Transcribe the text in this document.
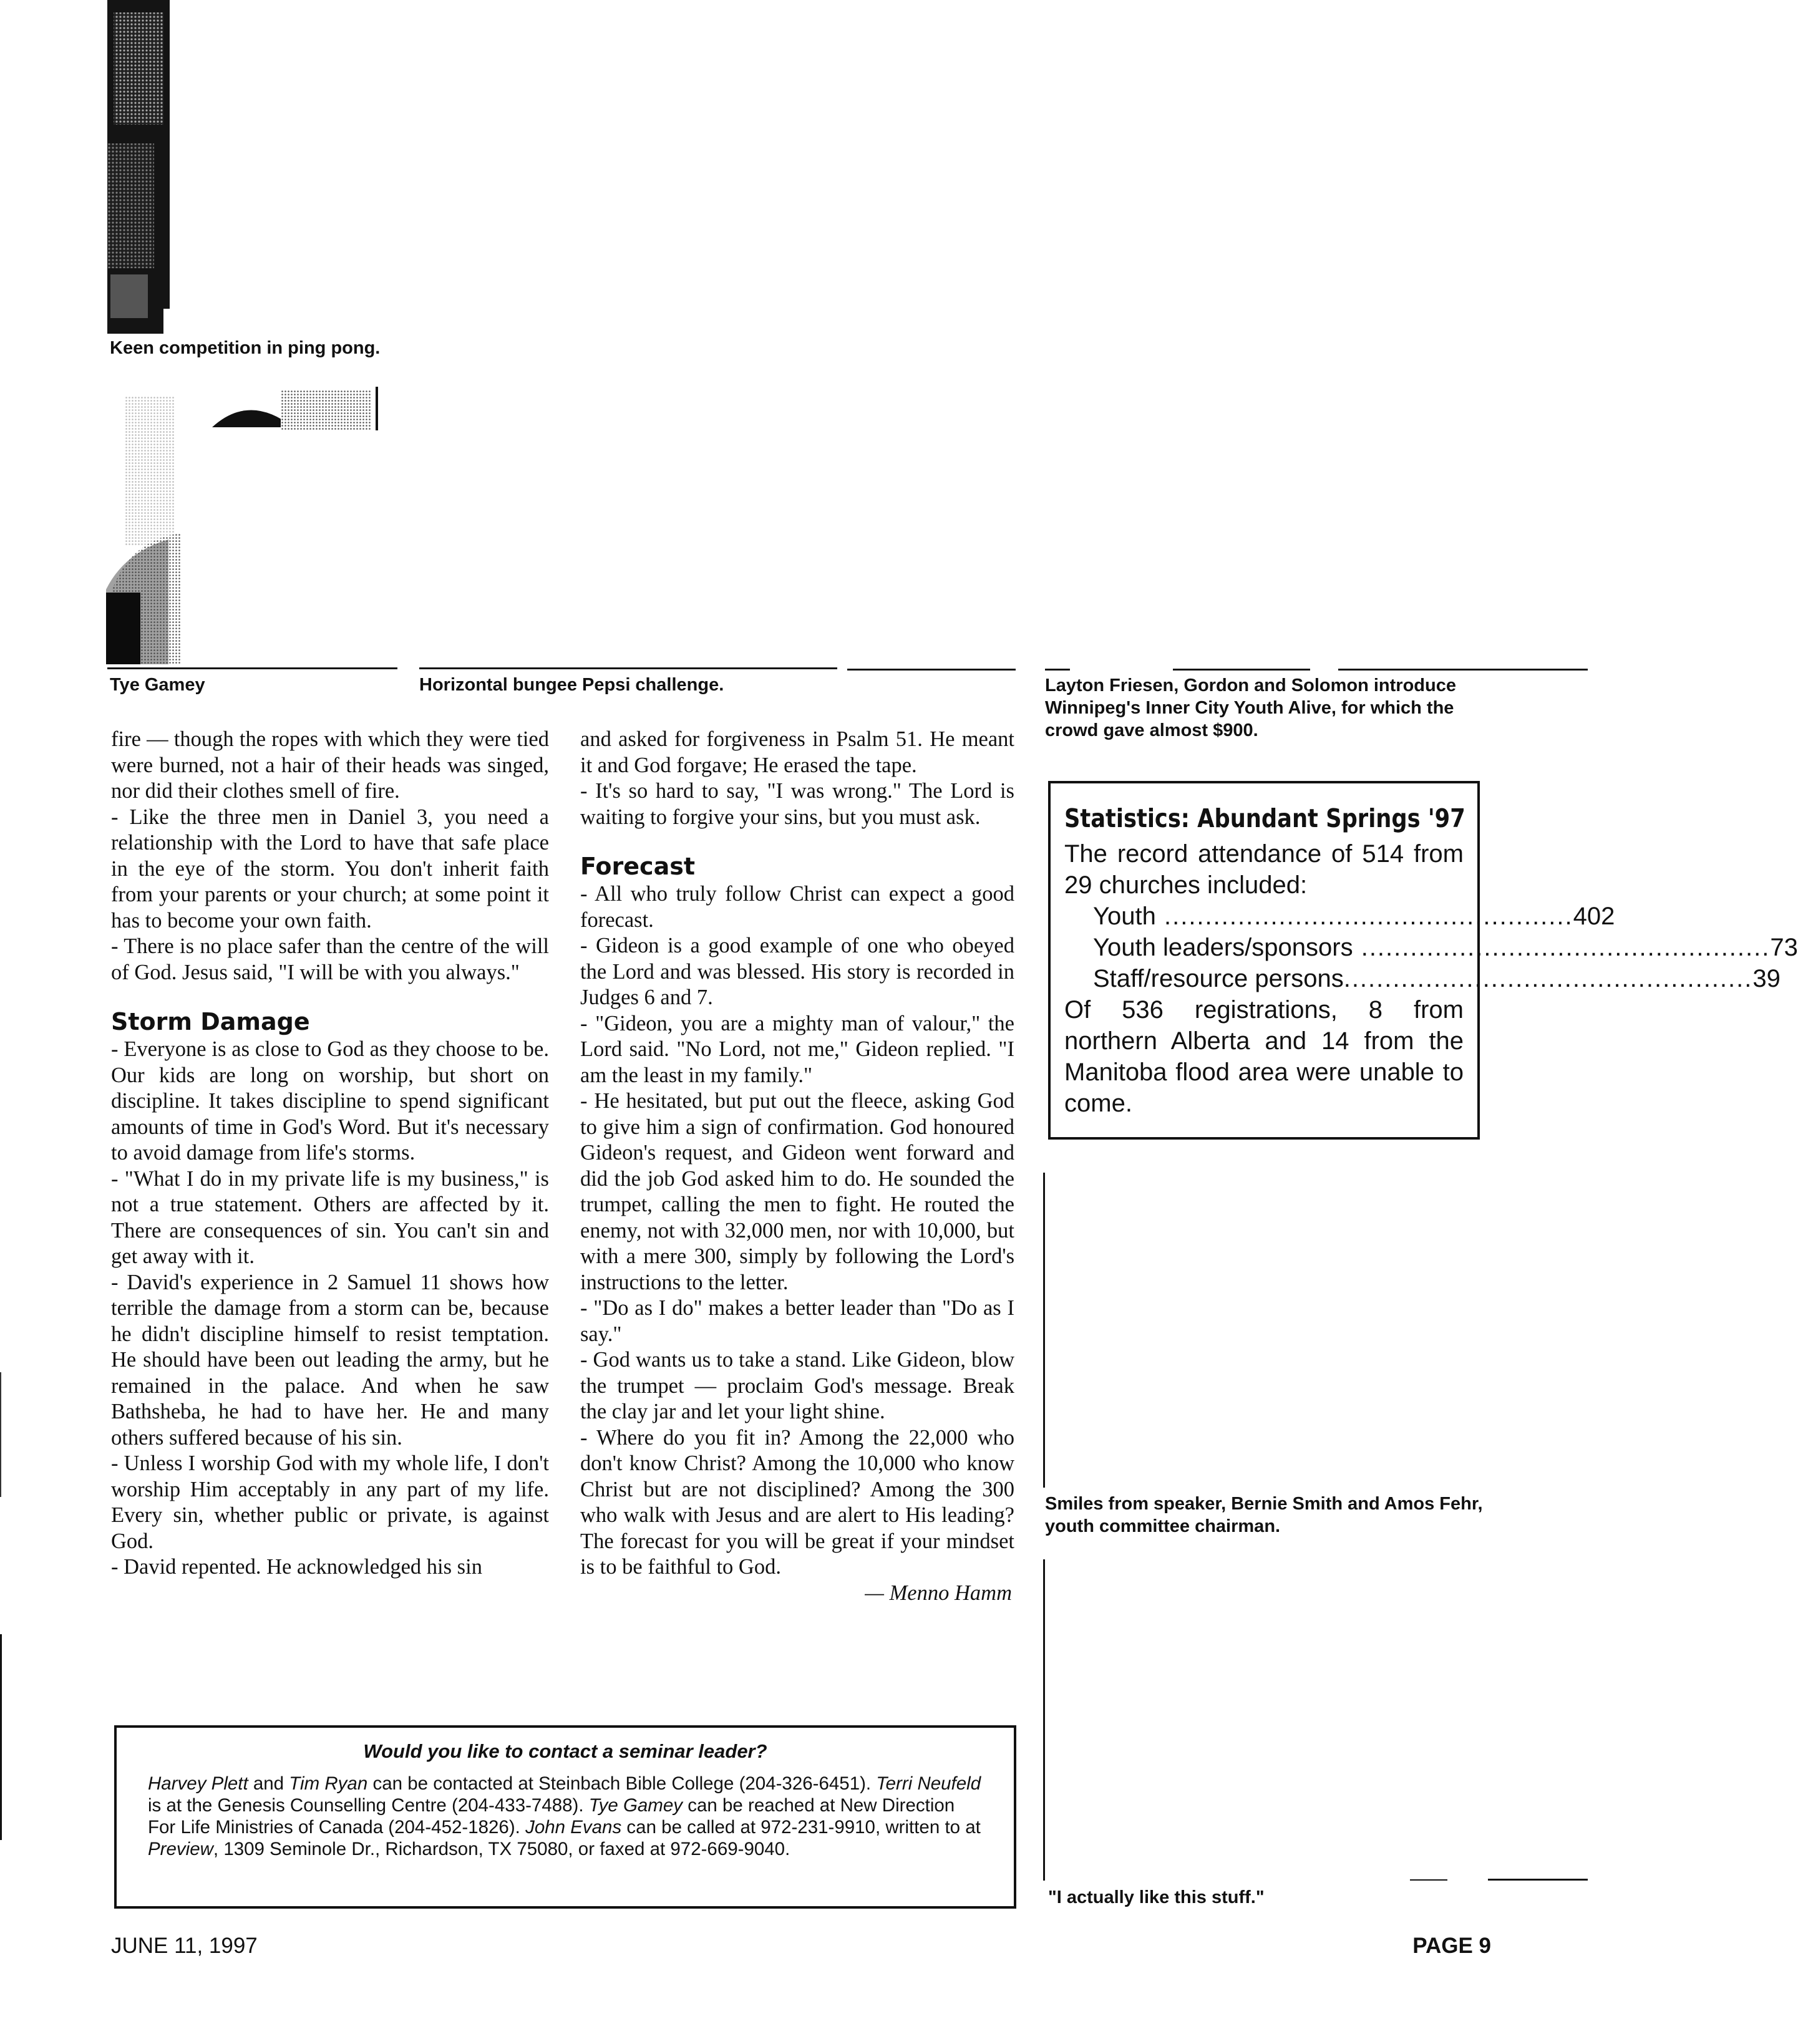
Keen competition in ping pong.
Tye Gamey	Horizontal bungee Pepsi challenge.	Layton Friesen, Gordon and Solomon introduce Winnipeg's Inner City Youth Alive, for which the crowd gave almost $900.

fire — though the ropes with which they were tied were burned, not a hair of their heads was singed, nor did their clothes smell of fire.

- Like the three men in Daniel 3, you need a relationship with the Lord to have that safe place in the eye of the storm. You don't inherit faith from your parents or your church; at some point it has to become your own faith.

- There is no place safer than the centre of the will of God. Jesus said, "I will be with you always."

Storm Damage

- Everyone is as close to God as they choose to be. Our kids are long on worship, but short on discipline. It takes discipline to spend significant amounts of time in God's Word. But it's necessary to avoid damage from life's storms.

- "What I do in my private life is my business," is not a true statement. Others are affected by it. There are consequences of sin. You can't sin and get away with it.

- David's experience in 2 Samuel 11 shows how terrible the damage from a storm can be, because he didn't discipline himself to resist temptation. He should have been out leading the army, but he remained in the palace. And when he saw Bathsheba, he had to have her. He and many others suffered because of his sin.

- Unless I worship God with my whole life, I don't worship Him acceptably in any part of my life. Every sin, whether public or private, is against God.

- David repented. He acknowledged his sin

and asked for forgiveness in Psalm 51. He meant it and God forgave; He erased the tape.

- It's so hard to say, "I was wrong." The Lord is waiting to forgive your sins, but you must ask.

Forecast

- All who truly follow Christ can expect a good forecast.

- Gideon is a good example of one who obeyed the Lord and was blessed. His story is recorded in Judges 6 and 7.

- "Gideon, you are a mighty man of valour," the Lord said. "No Lord, not me," Gideon replied. "I am the least in my family."

- He hesitated, but put out the fleece, asking God to give him a sign of confirmation. God honoured Gideon's request, and Gideon went forward and did the job God asked him to do. He sounded the trumpet, calling the men to fight. He routed the enemy, not with 32,000 men, nor with 10,000, but with a mere 300, simply by following the Lord's instructions to the letter.

- "Do as I do" makes a better leader than "Do as I say."

- God wants us to take a stand. Like Gideon, blow the trumpet — proclaim God's message. Break the clay jar and let your light shine.

- Where do you fit in? Among the 22,000 who don't know Christ? Among the 10,000 who know Christ but are not disciplined? Among the 300 who walk with Jesus and are alert to His leading? The forecast for you will be great if your mindset is to be faithful to God.

— Menno Hamm

Statistics: Abundant Springs '97
The record attendance of 514 from 29 churches included:
Youth .................................................. 402
Youth leaders/sponsors .................................................. 73
Staff/resource persons .................................................. 39
Of 536 registrations, 8 from northern Alberta and 14 from the Manitoba flood area were unable to come.
Smiles from speaker, Bernie Smith and Amos Fehr, youth committee chairman.
"I actually like this stuff."
Would you like to contact a seminar leader?
Harvey Plett and Tim Ryan can be contacted at Steinbach Bible College (204-326-6451). Terri Neufeld is at the Genesis Counselling Centre (204-433-7488). Tye Gamey can be reached at New Direction For Life Ministries of Canada (204-452-1826). John Evans can be called at 972-231-9910, written to at Preview, 1309 Seminole Dr., Richardson, TX 75080, or faxed at 972-669-9040.
JUNE 11, 1997	PAGE 9
